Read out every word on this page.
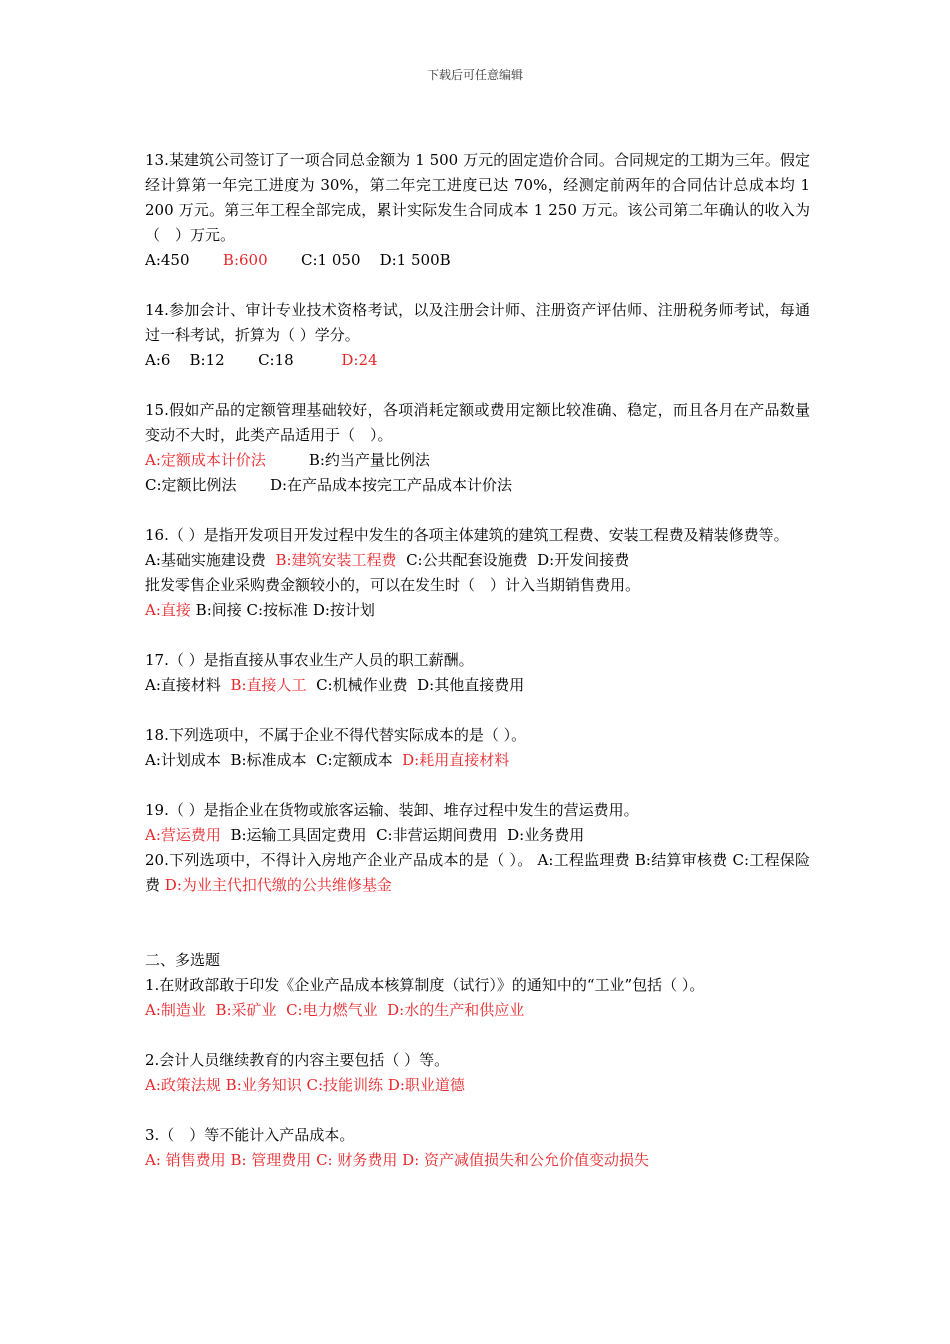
下载后可任意编辑

13.某建筑公司签订了一项合同总金额为 1 500 万元的固定造价合同。合同规定的工期为三年。假定经计算第一年完工进度为 30%，第二年完工进度已达 70%，经测定前两年的合同估计总成本均 1 200 万元。第三年工程全部完成，累计实际发生合同成本 1 250 万元。该公司第二年确认的收入为（　）万元。

A:450 B:600 C:1 050 D:1 500B

14.参加会计、审计专业技术资格考试，以及注册会计师、注册资产评估师、注册税务师考试，每通过一科考试，折算为（ ）学分。

A:6 B:12 C:18	D:24

15.假如产品的定额管理基础较好，各项消耗定额或费用定额比较准确、稳定，而且各月在产品数量变动不大时，此类产品适用于（　）。

A:定额成本计价法	B:约当产量比例法

C:定额比例法 D:在产品成本按完工产品成本计价法

16.（ ）是指开发项目开发过程中发生的各项主体建筑的建筑工程费、安装工程费及精装修费等。

A:基础实施建设费 B:建筑安装工程费 C:公共配套设施费 D:开发间接费

批发零售企业采购费金额较小的，可以在发生时（　）计入当期销售费用。

A:直接 B:间接 C:按标准 D:按计划

17.（ ）是指直接从事农业生产人员的职工薪酬。

A:直接材料 B:直接人工 C:机械作业费 D:其他直接费用

18.下列选项中，不属于企业不得代替实际成本的是（ ）。

A:计划成本 B:标准成本 C:定额成本 D:耗用直接材料

19.（ ）是指企业在货物或旅客运输、装卸、堆存过程中发生的营运费用。

A:营运费用 B:运输工具固定费用 C:非营运期间费用 D:业务费用

20.下列选项中，不得计入房地产企业产品成本的是（ ）。 A:工程监理费 B:结算审核费 C:工程保险费 D:为业主代扣代缴的公共维修基金

二、多选题

1.在财政部敢于印发《企业产品成本核算制度（试行）》的通知中的“工业”包括（ ）。

A:制造业 B:采矿业 C:电力燃气业 D:水的生产和供应业

2.会计人员继续教育的内容主要包括（ ）等。

A:政策法规 B:业务知识 C:技能训练 D:职业道德

3.（　）等不能计入产品成本。

A: 销售费用 B: 管理费用 C: 财务费用 D: 资产减值损失和公允价值变动损失
